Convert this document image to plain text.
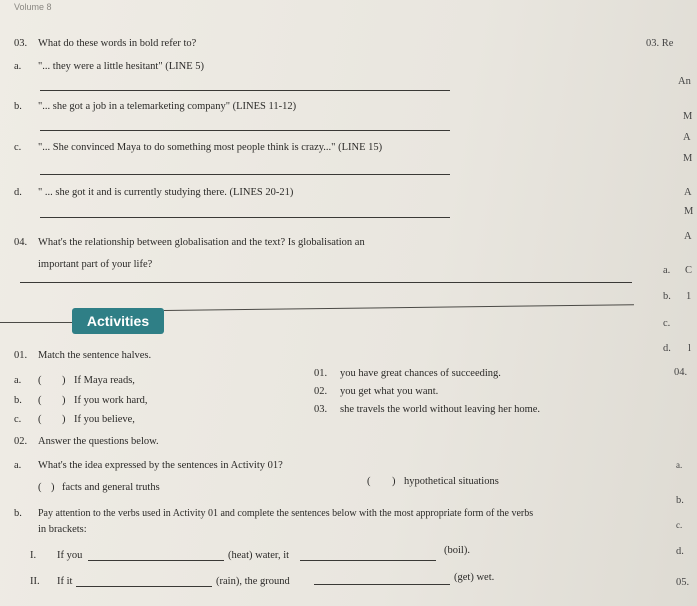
Volume 8
03. What do these words in bold refer to?
a. "... they were a little hesitant" (LINE 5)
b. "... she got a job in a telemarketing company" (LINES 11-12)
c. "... She convinced Maya to do something most people think is crazy..." (LINE 15)
d. " ... she got it and is currently studying there. (LINES 20-21)
04. What's the relationship between globalisation and the text? Is globalisation an
important part of your life?
Activities
01. Match the sentence halves.
a. ( ) If Maya reads,
b. ( ) If you work hard,
c. ( ) If you believe,
01. you have great chances of succeeding.
02. you get what you want.
03. she travels the world without leaving her home.
02. Answer the questions below.
a. What's the idea expressed by the sentences in Activity 01?
( ) facts and general truths
( ) hypothetical situations
b. Pay attention to the verbs used in Activity 01 and complete the sentences below with the most appropriate form of the verbs
in brackets:
I. If you	(heat) water, it	(boil).
II. If it	(rain), the ground	(get) wet.
03. Re
An
M
A
M
A
M
A
a. C
b. 1
c.
d. l
04.
a.
b.
c.
d.
05.
